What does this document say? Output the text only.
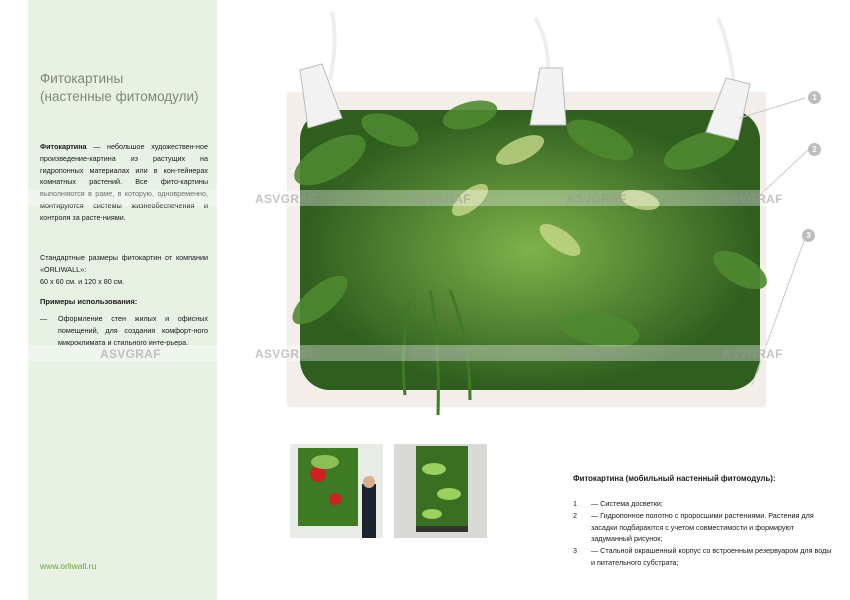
Фитокартины
(настенные фитомодули)
Фитокартина — небольшое художествен-ное произведение-картина из растущих на гидропонных материалах или в кон-тейнерах комнатных растений. Все фито-картины выполняются в раме, в которую, одновременно, монтируются системы жизнеобеспечения и контроля за расте-ниями.
Стандартные размеры фитокартин от компании «ORLIWALL»:
60 х 60 см. и 120 х 80 см.
Примеры использования:
— Оформление стен жилых и офисных помещений, для создания комфорт-ного микроклимата и стильного инте-рьера.
www.orliwall.ru
1
2
3
ASVGRAF	ASVGRAF	ASVGRAF	ASVGRAF
ASVGRAF	ASVGRAF	ASVGRAF	ASVGRAF	ASVGRAF
Фитокартина (мобильный настенный фитомодуль):
1	— Система досветки;
2	— Гидропонное полотно с проросшими растениями. Растения для засадки подбираются с учетом совместимости и формируют задуманный рисунок;
3	— Стальной окрашенный корпус со встроенным резервуаром для воды и питательного субстрата;
